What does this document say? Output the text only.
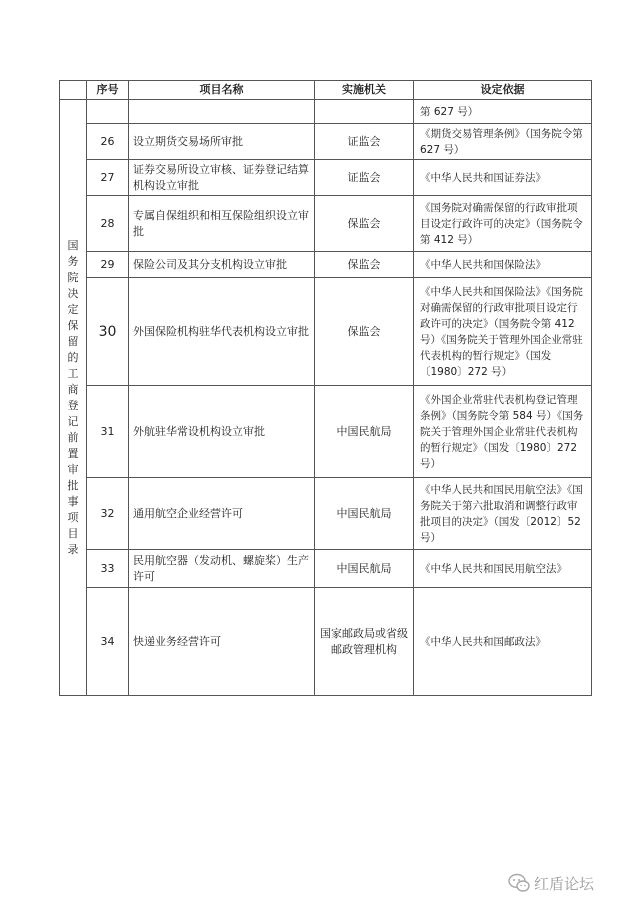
	序号	项目名称	实施机关	设定依据
国务院决定保留的工商登记前置审批事项目录				第 627 号）
	26	设立期货交易场所审批	证监会	《期货交易管理条例》（国务院令第 627 号）
	27	证券交易所设立审核、证券登记结算机构设立审批	证监会	《中华人民共和国证券法》
	28	专属自保组织和相互保险组织设立审批	保监会	《国务院对确需保留的行政审批项目设定行政许可的决定》（国务院令第 412 号）
	29	保险公司及其分支机构设立审批	保监会	《中华人民共和国保险法》
	30	外国保险机构驻华代表机构设立审批	保监会	《中华人民共和国保险法》《国务院对确需保留的行政审批项目设定行政许可的决定》（国务院令第 412 号）《国务院关于管理外国企业常驻代表机构的暂行规定》（国发〔1980〕272 号）
	31	外航驻华常设机构设立审批	中国民航局	《外国企业常驻代表机构登记管理条例》（国务院令第 584 号）《国务院关于管理外国企业常驻代表机构的暂行规定》（国发〔1980〕272 号）
	32	通用航空企业经营许可	中国民航局	《中华人民共和国民用航空法》《国务院关于第六批取消和调整行政审批项目的决定》（国发〔2012〕52 号）
	33	民用航空器（发动机、螺旋桨）生产许可	中国民航局	《中华人民共和国民用航空法》
	34	快递业务经营许可	国家邮政局或省级邮政管理机构	《中华人民共和国邮政法》
红盾论坛
